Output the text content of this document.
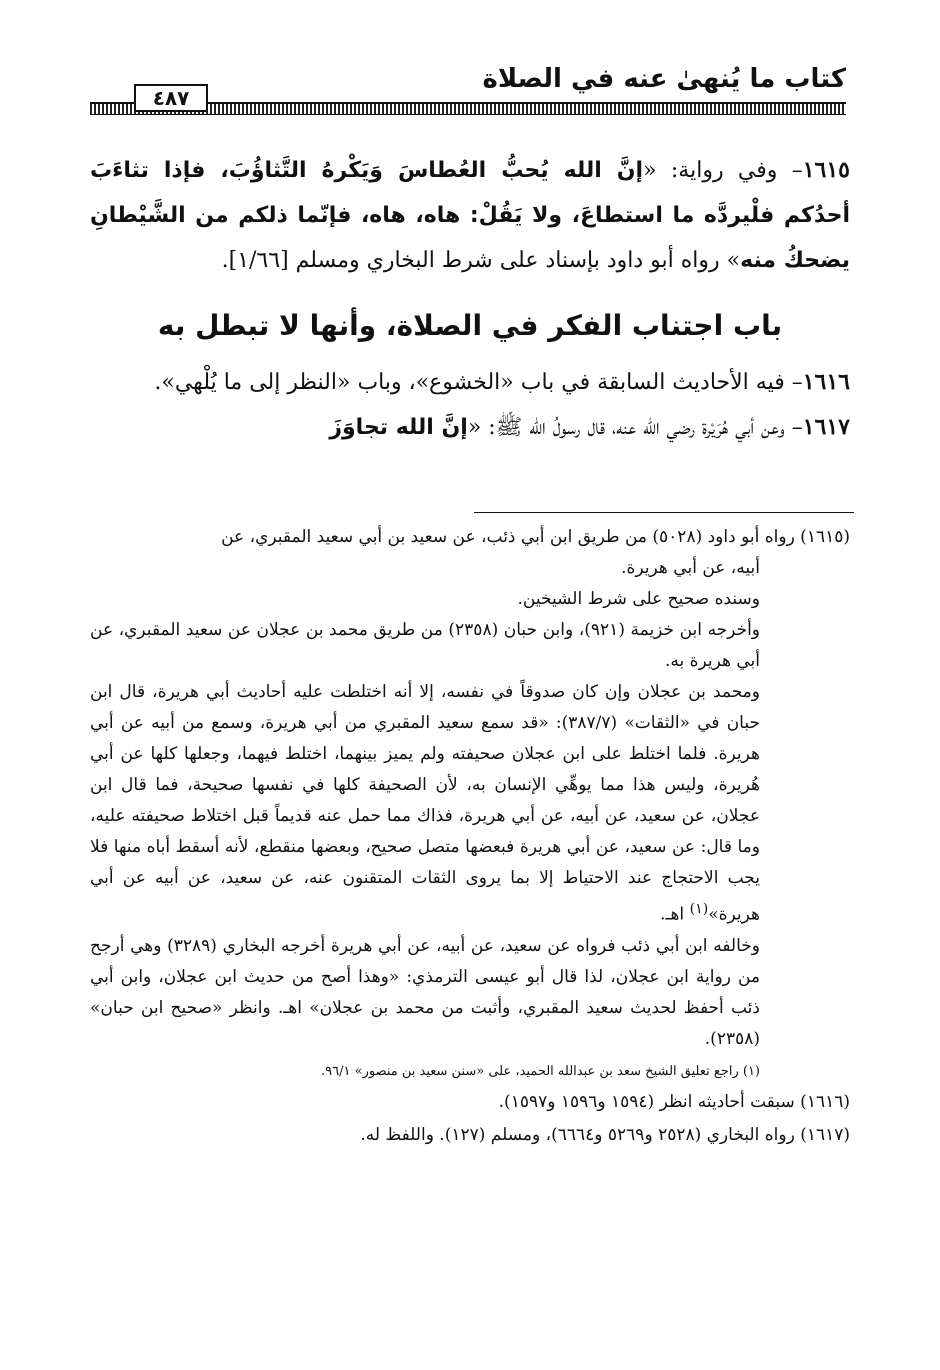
كتاب ما يُنهىٰ عنه في الصلاة
٤٨٧

١٦١٥– وفي رواية: «إنَّ الله يُحبُّ العُطاسَ وَيَكْرهُ التَّثاؤُبَ، فإذا تثاءَبَ أحدُكم فلْيردَّه ما استطاعَ، ولا يَقُلْ: هاه، هاه، فإنّما ذلكم من الشَّيْطانِ يضحكُ منه» رواه أبو داود بإسناد على شرط البخاري ومسلم [١/٦٦].

باب اجتناب الفكر في الصلاة، وأنها لا تبطل به

١٦١٦– فيه الأحاديث السابقة في باب «الخشوع»، وباب «النظر إلى ما يُلْهي».

١٦١٧– وعن أبي هُرَيْرة رضي الله عنه، قال رسولُ الله ﷺ: «إنَّ الله تجاوَزَ

(١٦١٥) رواه أبو داود (٥٠٢٨) من طريق ابن أبي ذئب، عن سعيد بن أبي سعيد المقبري، عن

أبيه، عن أبي هريرة.

وسنده صحيح على شرط الشيخين.

وأخرجه ابن خزيمة (٩٢١)، وابن حبان (٢٣٥٨) من طريق محمد بن عجلان عن سعيد المقبري، عن أبي هريرة به.

ومحمد بن عجلان وإن كان صدوقاً في نفسه، إلا أنه اختلطت عليه أحاديث أبي هريرة، قال ابن حبان في «الثقات» (٣٨٧/٧): «قد سمع سعيد المقبري من أبي هريرة، وسمع من أبيه عن أبي هريرة. فلما اختلط على ابن عجلان صحيفته ولم يميز بينهما، اختلط فيهما، وجعلها كلها عن أبي هُريرة، وليس هذا مما يوهِّي الإنسان به، لأن الصحيفة كلها في نفسها صحيحة، فما قال ابن عجلان، عن سعيد، عن أبيه، عن أبي هريرة، فذاك مما حمل عنه قديماً قبل اختلاط صحيفته عليه، وما قال: عن سعيد، عن أبي هريرة فبعضها متصل صحيح، وبعضها منقطع، لأنه أسقط أباه منها فلا يجب الاحتجاج عند الاحتياط إلا بما يروى الثقات المتقنون عنه، عن سعيد، عن أبيه عن أبي هريرة»$^{(١)}$ اهـ.

وخالفه ابن أبي ذئب فرواه عن سعيد، عن أبيه، عن أبي هريرة أخرجه البخاري (٣٢٨٩) وهي أرجح من رواية ابن عجلان، لذا قال أبو عيسى الترمذي: «وهذا أصح من حديث ابن عجلان، وابن أبي ذئب أحفظ لحديث سعيد المقبري، وأثبت من محمد بن عجلان» اهـ. وانظر «صحيح ابن حبان» (٢٣٥٨).

(١) راجع تعليق الشيخ سعد بن عبدالله الحميد، على «سنن سعيد بن منصور» ٩٦/١.

(١٦١٦) سبقت أحاديثه انظر (١٥٩٤ و١٥٩٦ و١٥٩٧).

(١٦١٧) رواه البخاري (٢٥٢٨ و٥٢٦٩ و٦٦٦٤)، ومسلم (١٢٧). واللفظ له.
